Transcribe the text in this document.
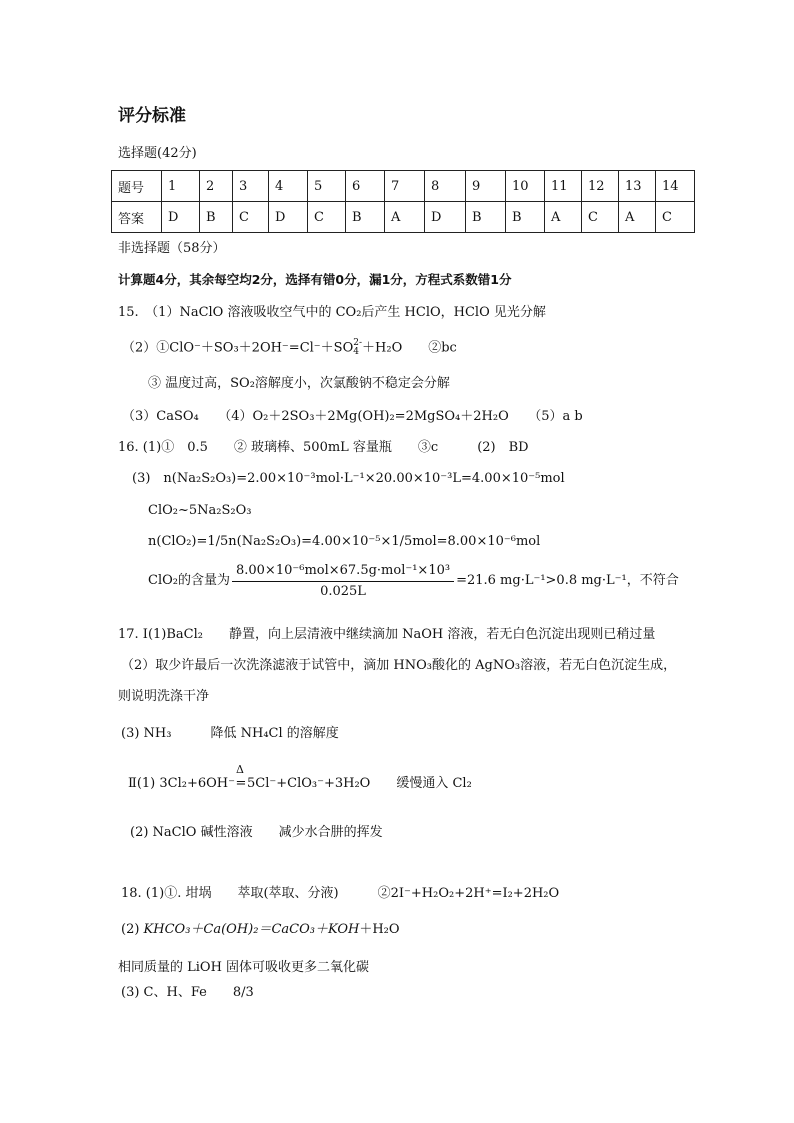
评分标准
选择题(42分)
题号	1	2	3	4	5	6	7	8	9	10	11	12	13	14
答案	D	B	C	D	C	B	A	D	B	B	A	C	A	C
非选择题（58分）
计算题4分，其余每空均2分，选择有错0分，漏1分，方程式系数错1分
15.　（1）NaClO 溶液吸收空气中的 CO₂后产生 HClO，HClO 见光分解
（2）①ClO⁻＋SO₃＋2OH⁻=Cl⁻＋SO 2-
4 ＋H₂O　　②bc
③ 温度过高，SO₂溶解度小，次氯酸钠不稳定会分解
（3）CaSO₄　　（4）O₂＋2SO₃＋2Mg(OH)₂=2MgSO₄＋2H₂O　　（5）a b
16. (1)①　0.5　　② 玻璃棒、500mL 容量瓶　　③c　　　(2)　BD
(3)　n(Na₂S₂O₃)=2.00×10⁻³mol·L⁻¹×20.00×10⁻³L=4.00×10⁻⁵mol
ClO₂~5Na₂S₂O₃
n(ClO₂)=1/5n(Na₂S₂O₃)=4.00×10⁻⁵×1/5mol=8.00×10⁻⁶mol
ClO₂的含量为 $\frac{\text{8.00×10⁻⁶mol×67.5g·mol⁻¹×10³}}{0.025L} =21.6$ mg·L⁻¹>0.8 mg·L⁻¹，不符合
17. Ⅰ(1)BaCl₂　　静置，向上层清液中继续滴加 NaOH 溶液，若无白色沉淀出现则已稍过量
（2）取少许最后一次洗涤滤液于试管中，滴加 HNO₃酸化的 AgNO₃溶液，若无白色沉淀生成，
则说明洗涤干净
(3) NH₃　　　降低 NH₄Cl 的溶解度
Ⅱ(1) 3Cl₂+6OH⁻
Δ
=5Cl⁻+ClO₃⁻+3H₂O　　缓慢通入 Cl₂
(2) NaClO 碱性溶液　　减少水合肼的挥发
18. (1)①. 坩埚　　萃取(萃取、分液)　　　②2I⁻+H₂O₂+2H⁺=I₂+2H₂O
(2) KHCO₃＋Ca(OH)₂＝CaCO₃＋KOH＋H₂O
相同质量的 LiOH 固体可吸收更多二氧化碳
(3) C、H、Fe　　8/3
